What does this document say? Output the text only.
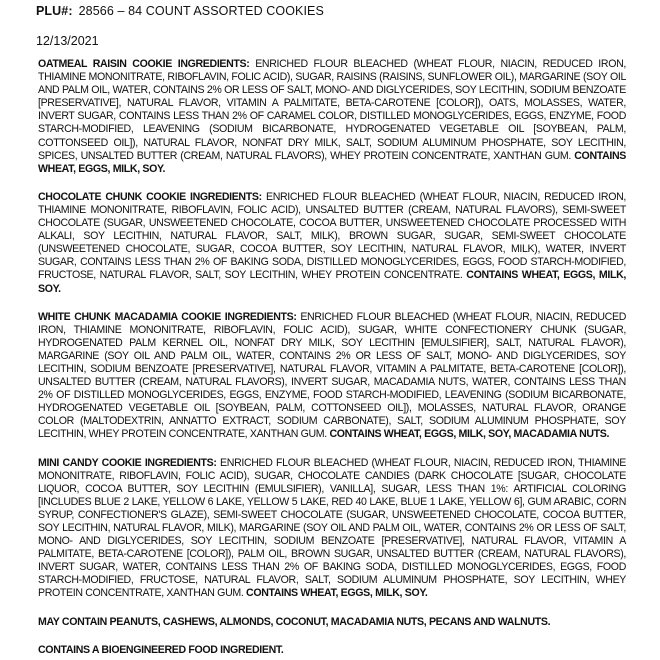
PLU#: 28566 – 84 COUNT ASSORTED COOKIES
12/13/2021

OATMEAL RAISIN COOKIE INGREDIENTS: ENRICHED FLOUR BLEACHED (WHEAT FLOUR, NIACIN, REDUCED IRON, THIAMINE MONONITRATE, RIBOFLAVIN, FOLIC ACID), SUGAR, RAISINS (RAISINS, SUNFLOWER OIL), MARGARINE (SOY OIL AND PALM OIL, WATER, CONTAINS 2% OR LESS OF SALT, MONO- AND DIGLYCERIDES, SOY LECITHIN, SODIUM BENZOATE [PRESERVATIVE], NATURAL FLAVOR, VITAMIN A PALMITATE, BETA-CAROTENE [COLOR]), OATS, MOLASSES, WATER, INVERT SUGAR, CONTAINS LESS THAN 2% OF CARAMEL COLOR, DISTILLED MONOGLYCERIDES, EGGS, ENZYME, FOOD STARCH-MODIFIED, LEAVENING (SODIUM BICARBONATE, HYDROGENATED VEGETABLE OIL [SOYBEAN, PALM, COTTONSEED OIL]), NATURAL FLAVOR, NONFAT DRY MILK, SALT, SODIUM ALUMINUM PHOSPHATE, SOY LECITHIN, SPICES, UNSALTED BUTTER (CREAM, NATURAL FLAVORS), WHEY PROTEIN CONCENTRATE, XANTHAN GUM. CONTAINS WHEAT, EGGS, MILK, SOY.

CHOCOLATE CHUNK COOKIE INGREDIENTS: ENRICHED FLOUR BLEACHED (WHEAT FLOUR, NIACIN, REDUCED IRON, THIAMINE MONONITRATE, RIBOFLAVIN, FOLIC ACID), UNSALTED BUTTER (CREAM, NATURAL FLAVORS), SEMI-SWEET CHOCOLATE (SUGAR, UNSWEETENED CHOCOLATE, COCOA BUTTER, UNSWEETENED CHOCOLATE PROCESSED WITH ALKALI, SOY LECITHIN, NATURAL FLAVOR, SALT, MILK), BROWN SUGAR, SUGAR, SEMI-SWEET CHOCOLATE (UNSWEETENED CHOCOLATE, SUGAR, COCOA BUTTER, SOY LECITHIN, NATURAL FLAVOR, MILK), WATER, INVERT SUGAR, CONTAINS LESS THAN 2% OF BAKING SODA, DISTILLED MONOGLYCERIDES, EGGS, FOOD STARCH-MODIFIED, FRUCTOSE, NATURAL FLAVOR, SALT, SOY LECITHIN, WHEY PROTEIN CONCENTRATE. CONTAINS WHEAT, EGGS, MILK, SOY.

WHITE CHUNK MACADAMIA COOKIE INGREDIENTS: ENRICHED FLOUR BLEACHED (WHEAT FLOUR, NIACIN, REDUCED IRON, THIAMINE MONONITRATE, RIBOFLAVIN, FOLIC ACID), SUGAR, WHITE CONFECTIONERY CHUNK (SUGAR, HYDROGENATED PALM KERNEL OIL, NONFAT DRY MILK, SOY LECITHIN [EMULSIFIER], SALT, NATURAL FLAVOR), MARGARINE (SOY OIL AND PALM OIL, WATER, CONTAINS 2% OR LESS OF SALT, MONO- AND DIGLYCERIDES, SOY LECITHIN, SODIUM BENZOATE [PRESERVATIVE], NATURAL FLAVOR, VITAMIN A PALMITATE, BETA-CAROTENE [COLOR]), UNSALTED BUTTER (CREAM, NATURAL FLAVORS), INVERT SUGAR, MACADAMIA NUTS, WATER, CONTAINS LESS THAN 2% OF DISTILLED MONOGLYCERIDES, EGGS, ENZYME, FOOD STARCH-MODIFIED, LEAVENING (SODIUM BICARBONATE, HYDROGENATED VEGETABLE OIL [SOYBEAN, PALM, COTTONSEED OIL]), MOLASSES, NATURAL FLAVOR, ORANGE COLOR (MALTODEXTRIN, ANNATTO EXTRACT, SODIUM CARBONATE), SALT, SODIUM ALUMINUM PHOSPHATE, SOY LECITHIN, WHEY PROTEIN CONCENTRATE, XANTHAN GUM. CONTAINS WHEAT, EGGS, MILK, SOY, MACADAMIA NUTS.

MINI CANDY COOKIE INGREDIENTS: ENRICHED FLOUR BLEACHED (WHEAT FLOUR, NIACIN, REDUCED IRON, THIAMINE MONONITRATE, RIBOFLAVIN, FOLIC ACID), SUGAR, CHOCOLATE CANDIES (DARK CHOCOLATE [SUGAR, CHOCOLATE LIQUOR, COCOA BUTTER, SOY LECITHIN (EMULSIFIER), VANILLA], SUGAR, LESS THAN 1%: ARTIFICIAL COLORING [INCLUDES BLUE 2 LAKE, YELLOW 6 LAKE, YELLOW 5 LAKE, RED 40 LAKE, BLUE 1 LAKE, YELLOW 6], GUM ARABIC, CORN SYRUP, CONFECTIONER'S GLAZE), SEMI-SWEET CHOCOLATE (SUGAR, UNSWEETENED CHOCOLATE, COCOA BUTTER, SOY LECITHIN, NATURAL FLAVOR, MILK), MARGARINE (SOY OIL AND PALM OIL, WATER, CONTAINS 2% OR LESS OF SALT, MONO- AND DIGLYCERIDES, SOY LECITHIN, SODIUM BENZOATE [PRESERVATIVE], NATURAL FLAVOR, VITAMIN A PALMITATE, BETA-CAROTENE [COLOR]), PALM OIL, BROWN SUGAR, UNSALTED BUTTER (CREAM, NATURAL FLAVORS), INVERT SUGAR, WATER, CONTAINS LESS THAN 2% OF BAKING SODA, DISTILLED MONOGLYCERIDES, EGGS, FOOD STARCH-MODIFIED, FRUCTOSE, NATURAL FLAVOR, SALT, SODIUM ALUMINUM PHOSPHATE, SOY LECITHIN, WHEY PROTEIN CONCENTRATE, XANTHAN GUM. CONTAINS WHEAT, EGGS, MILK, SOY.

MAY CONTAIN PEANUTS, CASHEWS, ALMONDS, COCONUT, MACADAMIA NUTS, PECANS AND WALNUTS.

CONTAINS A BIOENGINEERED FOOD INGREDIENT.
